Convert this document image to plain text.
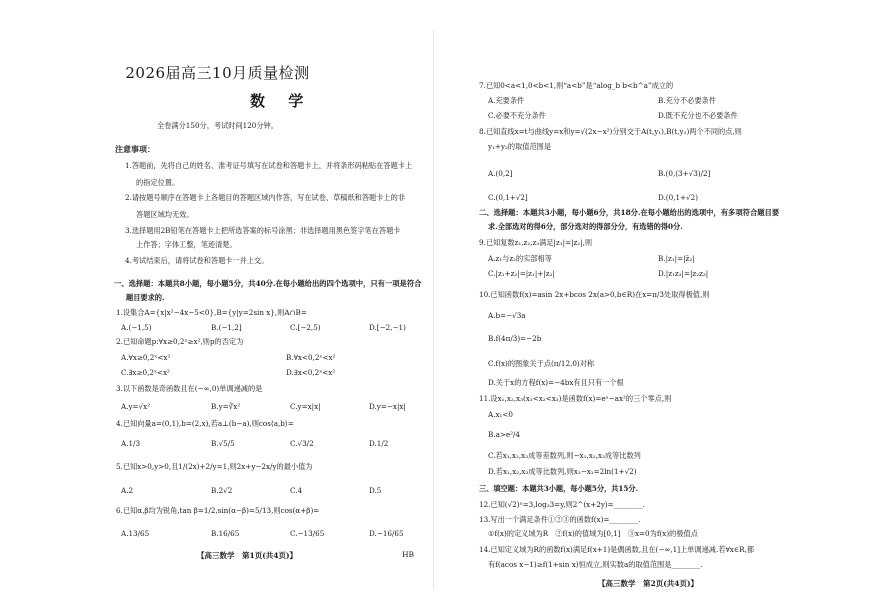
2026届高三10月质量检测
数 学
全卷满分150分，考试时间120分钟。
注意事项：
1.答题前，先将自己的姓名、准考证号填写在试卷和答题卡上，并将条形码粘贴在答题卡上
的指定位置。
2.请按题号顺序在答题卡上各题目的答题区域内作答，写在试卷、草稿纸和答题卡上的非
答题区域均无效。
3.选择题用2B铅笔在答题卡上把所选答案的标号涂黑；非选择题用黑色签字笔在答题卡
上作答；字体工整，笔迹清楚。
4.考试结束后，请将试卷和答题卡一并上交。
一、选择题：本题共8小题，每小题5分，共40分.在每小题给出的四个选项中，只有一项是符合
题目要求的.
1.设集合A={x|x²−4x−5<0},B={y|y=2sin x},则A∩B=
A.(−1,5)	B.(−1,2]	C.[−2,5)	D.[−2,−1)
2.已知命题p:∀x≥0,2ˣ≥x²,则p的否定为
A.∀x≥0,2ˣ<x²	B.∀x<0,2ˣ<x²
C.∃x≥0,2ˣ<x²	D.∃x<0,2ˣ<x²
3.以下函数是奇函数且在(−∞,0)单调递减的是
A.y=√x²	B.y=∛x²	C.y=x|x|	D.y=−x|x|
4.已知向量a=(0,1),b=(2,x),若a⊥(b−a),则cos⟨a,b⟩=
A.1/3	B.√5/5	C.√3/2	D.1/2
5.已知x>0,y>0,且1/(2x)+2/y=1,则2x+y−2x/y的最小值为
A.2	B.2√2	C.4	D.5
6.已知α,β均为锐角,tan β=1/2,sin(α−β)=5/13,则cos(α+β)=
A.13/65	B.16/65	C.−13/65	D.−16/65
【高三数学　第1页(共4页)】	HB
7.已知0<a<1,0<b<1,则“a<b”是“alog_b b<b^a”成立的
A.充要条件	B.充分不必要条件
C.必要不充分条件	D.既不充分也不必要条件
8.已知直线x=t与曲线y=x和y=√(2x−x²)分别交于A(t,y₁),B(t,y₂)两个不同的点,则
y₁+y₂的取值范围是
A.(0,2]	B.(0,(3+√3)/2]
C.(0,1+√2]	D.(0,1+√2)
二、选择题：本题共3小题，每小题6分，共18分.在每小题给出的选项中，有多项符合题目要
求.全部选对的得6分，部分选对的得部分分，有选错的得0分.
9.已知复数z₁,z₂,z₃满足|z₁|=|z₂|,则
A.z₁与z₂的实部相等	B.|z₁|=|z̄₂|
C.|z₁+z₂|=|z₁|+|z₂|	D.|z₁z₃|=|z₂z₃|
10.已知函数f(x)=asin 2x+bcos 2x(a>0,b∈R)在x=π/3处取得极值,则
A.b=−√3a
B.f(4π/3)=−2b
C.f(x)的图象关于点(π/12,0)对称
D.关于x的方程f(x)=−4bx有且只有一个根
11.设x₁,x₂,x₃(x₁<x₂<x₃)是函数f(x)=eˣ−ax²的三个零点,则
A.x₁<0
B.a>e²/4
C.若x₁,x₂,x₃成等差数列,则−x₁,x₂,x₃成等比数列
D.若x₁,x₂,x₃成等比数列,则x₃−x₁=2ln(1+√2)
三、填空题：本题共3小题，每小题5分，共15分.
12.已知(√2)ˣ=3,log₃3=y,则2^(x+2y)=________.
13.写出一个满足条件①②③的函数f(x)=________.
①f(x)的定义域为R　②f(x)的值域为[0,1]　③x=0为f(x)的极值点
14.已知定义域为R的函数f(x)满足f(x+1)是偶函数,且在(−∞,1]上单调递减.若∀x∈R,都
有f(acos x−1)≥f(1+sin x)恒成立,则实数a的取值范围是________.
【高三数学　第2页(共4页)】
